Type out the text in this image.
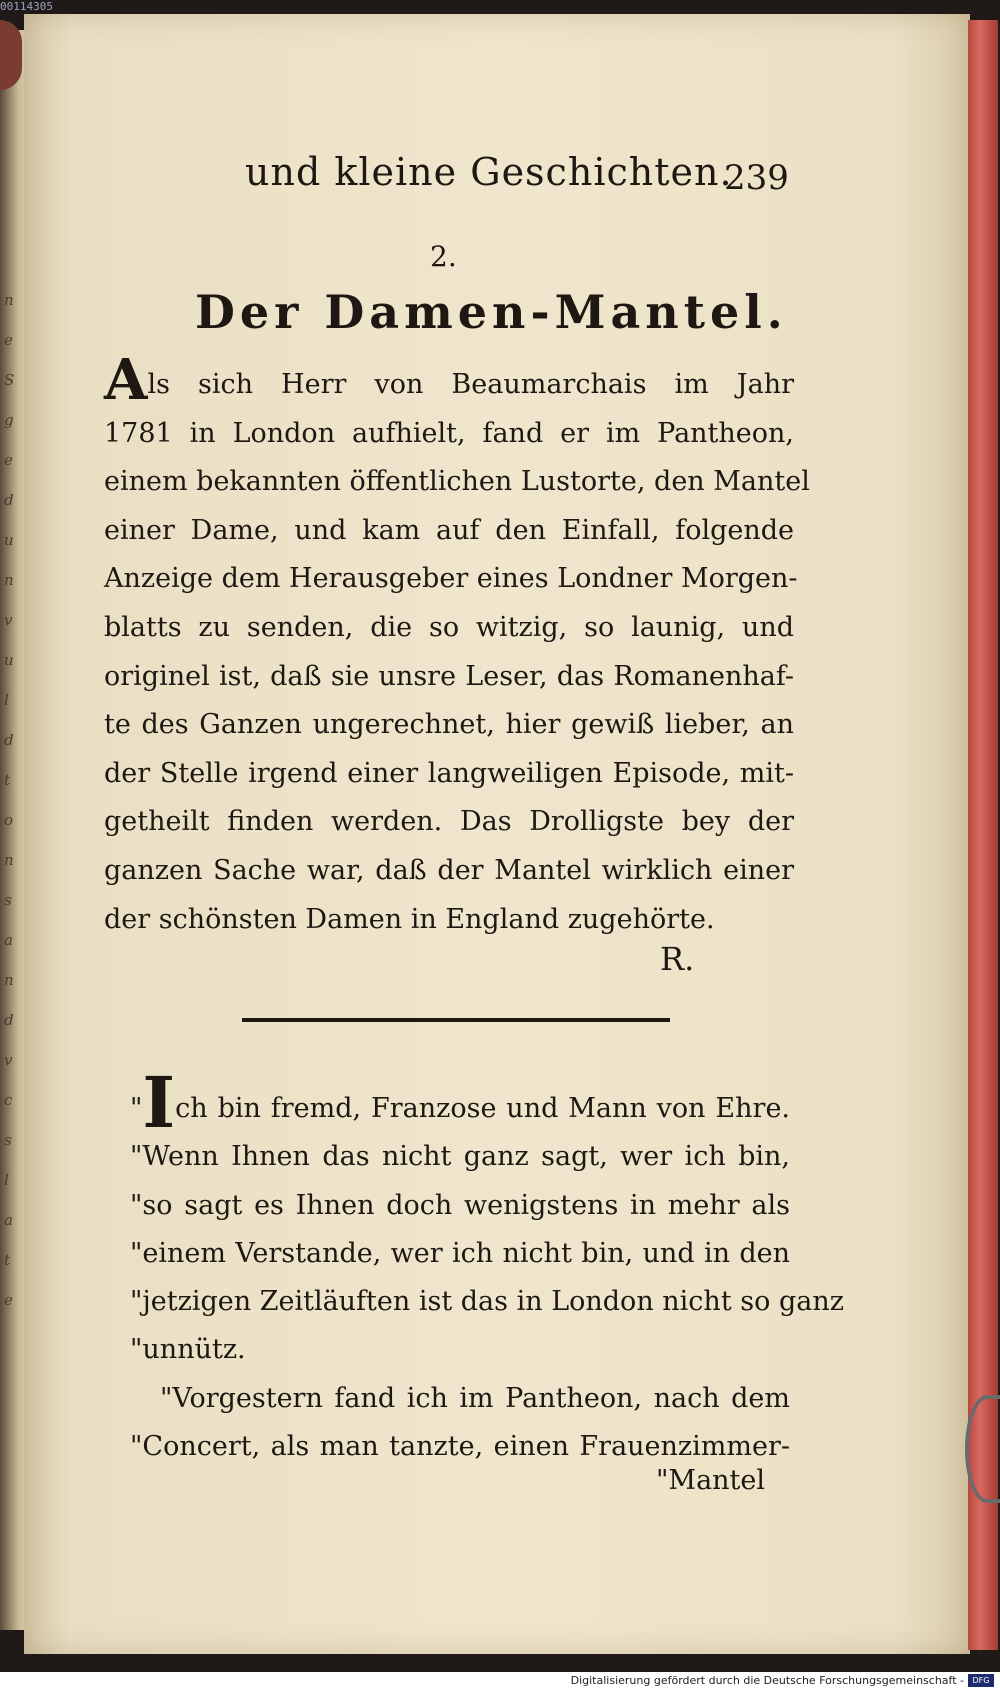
00114305
n
e
S
g
e
d
u
n
v
u
l
d
t
o
n
s
a
n
d
v
c
s
l
a
t
e
und kleine Geschichten.
239
2.
Der Damen-Mantel.
Als sich Herr von Beaumarchais im Jahr
1781 in London aufhielt, fand er im Pantheon,
einem bekannten öffentlichen Lustorte, den Mantel
einer Dame, und kam auf den Einfall, folgende
Anzeige dem Herausgeber eines Londner Morgen-
blatts zu senden, die so witzig, so launig, und
originel ist, daß sie unsre Leser, das Romanenhaf-
te des Ganzen ungerechnet, hier gewiß lieber, an
der Stelle irgend einer langweiligen Episode, mit-
getheilt finden werden. Das Drolligste bey der
ganzen Sache war, daß der Mantel wirklich einer
der schönsten Damen in England zugehörte.
R.
"Ich bin fremd, Franzose und Mann von Ehre.
"Wenn Ihnen das nicht ganz sagt, wer ich bin,
"so sagt es Ihnen doch wenigstens in mehr als
"einem Verstande, wer ich nicht bin, und in den
"jetzigen Zeitläuften ist das in London nicht so ganz
"unnütz.
"Vorgestern fand ich im Pantheon, nach dem
"Concert, als man tanzte, einen Frauenzimmer-
"Mantel
Digitalisierung gefördert durch die Deutsche Forschungsgemeinschaft -	DFG
